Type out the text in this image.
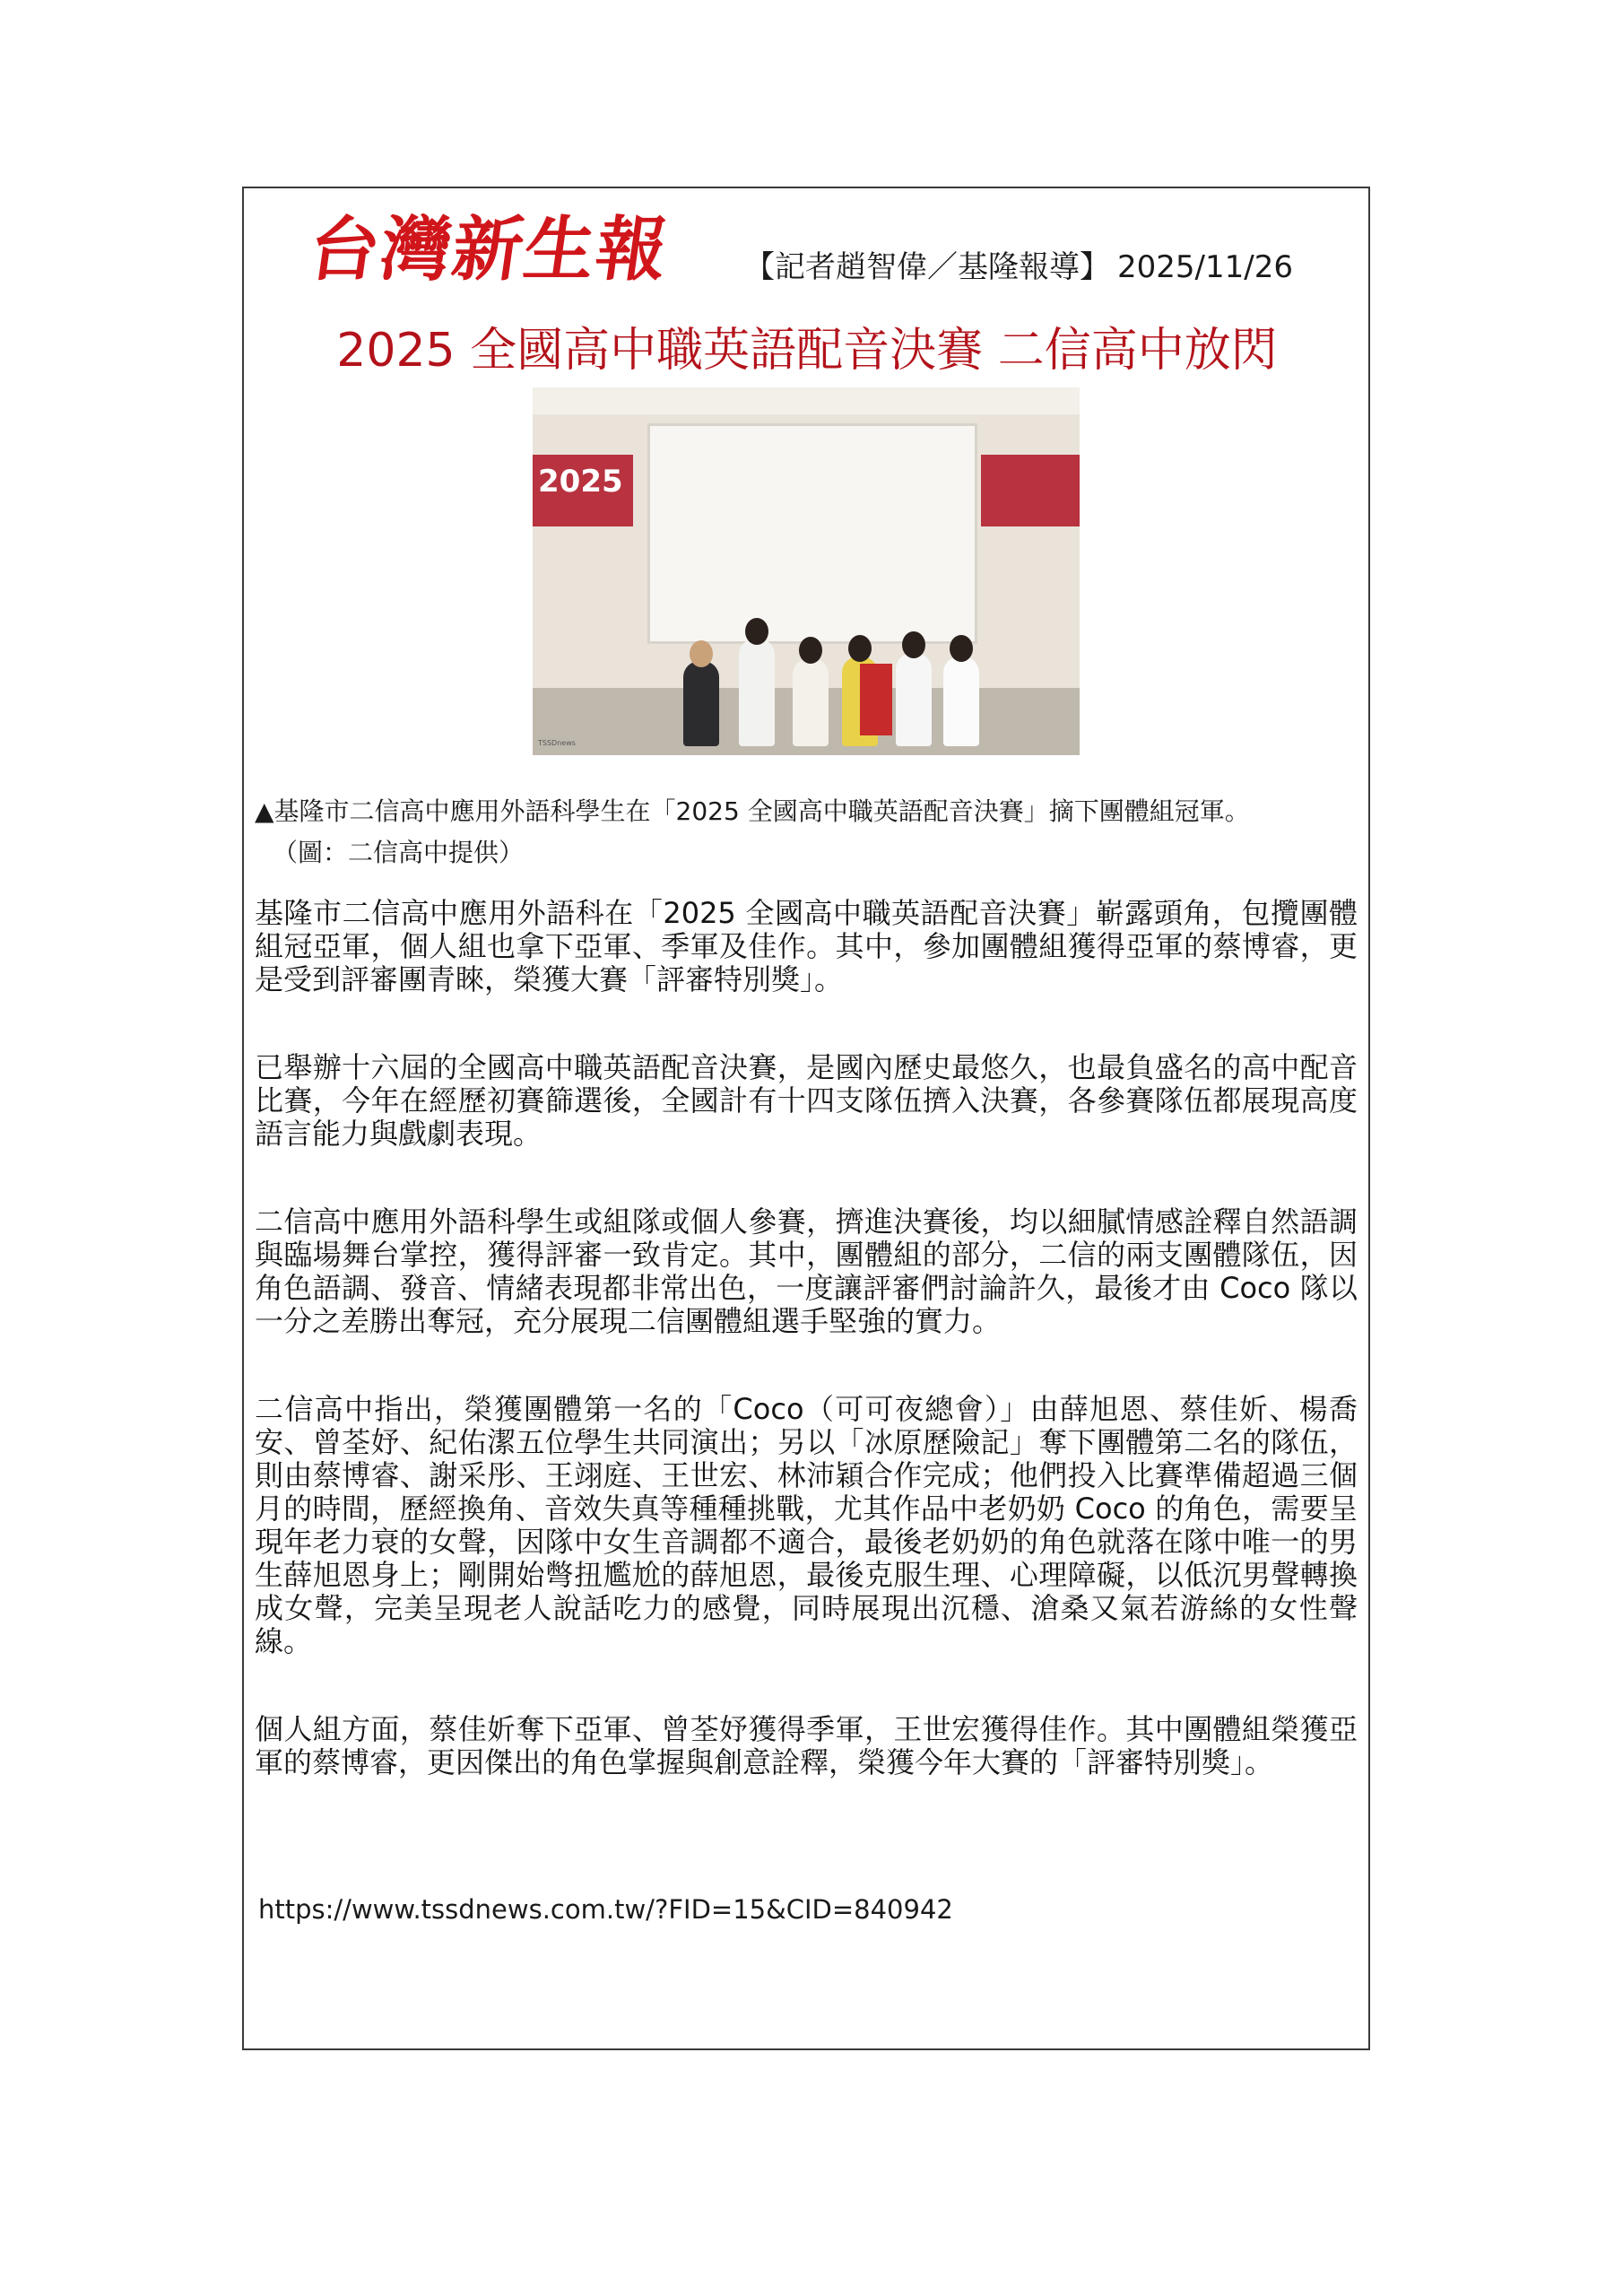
台灣新生報 【記者趙智偉／基隆報導】 2025/11/26
2025 全國高中職英語配音決賽 二信高中放閃
2025
TSSDnews
▲基隆市二信高中應用外語科學生在「2025 全國高中職英語配音決賽」摘下團體組冠軍。
（圖：二信高中提供）

基隆市二信高中應用外語科在「2025 全國高中職英語配音決賽」嶄露頭角，包攬團體組冠亞軍，個人組也拿下亞軍、季軍及佳作。其中，參加團體組獲得亞軍的蔡博睿，更是受到評審團青睞，榮獲大賽「評審特別獎」。

已舉辦十六屆的全國高中職英語配音決賽，是國內歷史最悠久，也最負盛名的高中配音比賽，今年在經歷初賽篩選後，全國計有十四支隊伍擠入決賽，各參賽隊伍都展現高度語言能力與戲劇表現。

二信高中應用外語科學生或組隊或個人參賽，擠進決賽後，均以細膩情感詮釋自然語調與臨場舞台掌控，獲得評審一致肯定。其中，團體組的部分，二信的兩支團體隊伍，因角色語調、發音、情緒表現都非常出色，一度讓評審們討論許久，最後才由 Coco 隊以一分之差勝出奪冠，充分展現二信團體組選手堅強的實力。

二信高中指出，榮獲團體第一名的「Coco（可可夜總會）」由薛旭恩、蔡佳妡、楊喬安、曾荃妤、紀佑潔五位學生共同演出；另以「冰原歷險記」奪下團體第二名的隊伍，則由蔡博睿、謝采彤、王翊庭、王世宏、林沛穎合作完成；他們投入比賽準備超過三個月的時間，歷經換角、音效失真等種種挑戰，尤其作品中老奶奶 Coco 的角色，需要呈現年老力衰的女聲，因隊中女生音調都不適合，最後老奶奶的角色就落在隊中唯一的男生薛旭恩身上；剛開始彆扭尷尬的薛旭恩，最後克服生理、心理障礙，以低沉男聲轉換成女聲，完美呈現老人說話吃力的感覺，同時展現出沉穩、滄桑又氣若游絲的女性聲線。

個人組方面，蔡佳妡奪下亞軍、曾荃妤獲得季軍，王世宏獲得佳作。其中團體組榮獲亞軍的蔡博睿，更因傑出的角色掌握與創意詮釋，榮獲今年大賽的「評審特別獎」。

https://www.tssdnews.com.tw/?FID=15&CID=840942
